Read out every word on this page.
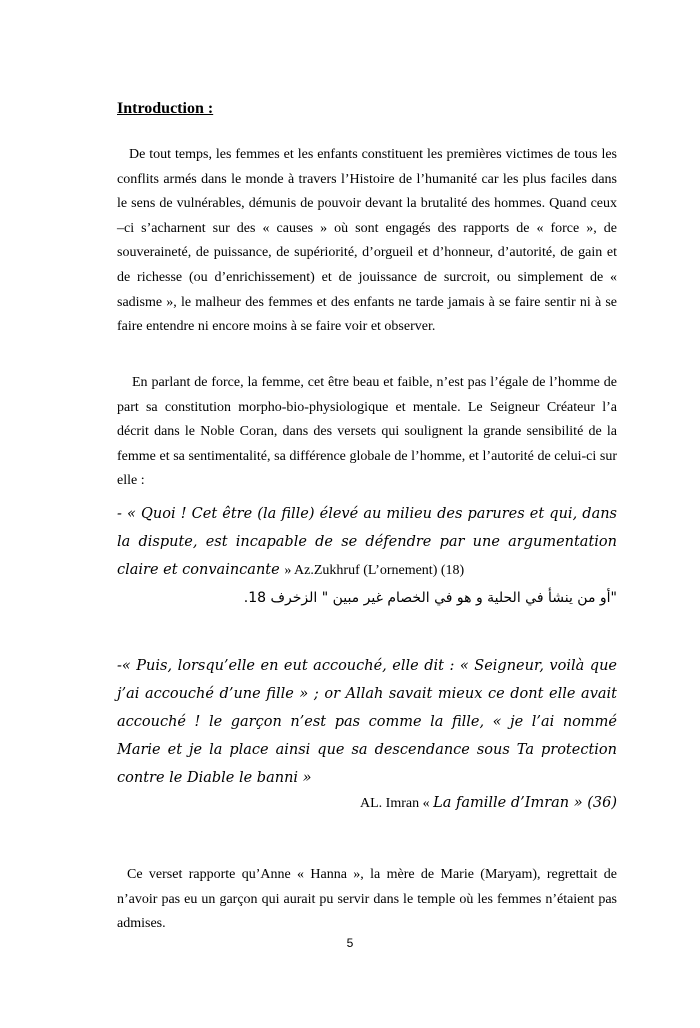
Introduction :

De tout temps, les femmes et les enfants constituent les premières victimes de tous les conflits armés dans le monde à travers l’Histoire de l’humanité car les plus faciles dans le sens de vulnérables, démunis de pouvoir devant la brutalité des hommes. Quand ceux –ci s’acharnent sur des « causes » où sont engagés des rapports de « force », de souveraineté, de puissance, de supériorité, d’orgueil et d’honneur, d’autorité, de gain et de richesse (ou d’enrichissement) et de jouissance de surcroit, ou simplement de « sadisme », le malheur des femmes et des enfants ne tarde jamais à se faire sentir ni à se faire entendre ni encore moins à se faire voir et observer.

En parlant de force, la femme, cet être beau et faible, n’est pas l’égale de l’homme de part sa constitution morpho-bio-physiologique et mentale. Le Seigneur Créateur l’a décrit dans le Noble Coran, dans des versets qui soulignent la grande sensibilité de la femme et sa sentimentalité, sa différence globale de l’homme, et l’autorité de celui-ci sur elle :

- « Quoi ! Cet être (la fille) élevé au milieu des parures et qui, dans la dispute, est incapable de se défendre par une argumentation claire et convaincante » Az.Zukhruf (L’ornement) (18)

"أو من ينشأ في الحلية و هو في الخصام غير مبين " الزخرف 18.

-« Puis, lorsqu’elle en eut accouché, elle dit : « Seigneur, voilà que j’ai accouché d’une fille » ; or Allah savait mieux ce dont elle avait accouché ! le garçon n’est pas comme la fille, « je l’ai nommé Marie et je la place ainsi que sa descendance sous Ta protection contre le Diable le banni »

AL. Imran « La famille d’Imran » (36)

Ce verset rapporte qu’Anne « Hanna », la mère de Marie (Maryam), regrettait de n’avoir pas eu un garçon qui aurait pu servir dans le temple où les femmes n’étaient pas admises.

5
